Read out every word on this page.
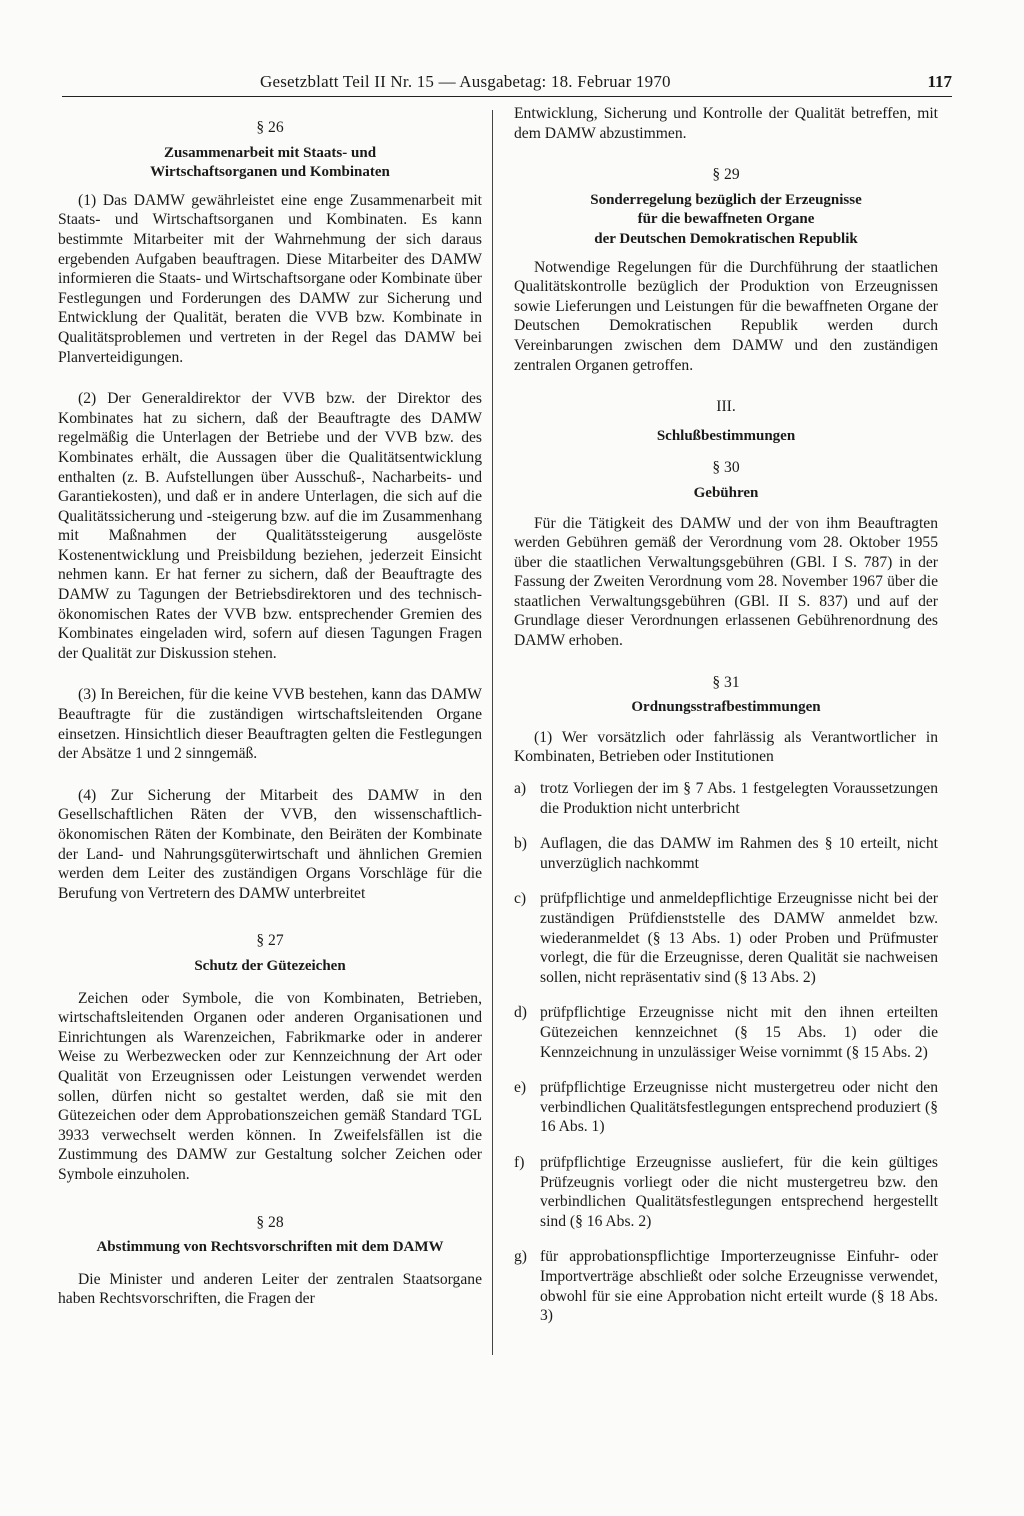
Gesetzblatt Teil II Nr. 15 — Ausgabetag: 18. Februar 1970	117
§ 26
Zusammenarbeit mit Staats- und
Wirtschaftsorganen und Kombinaten

(1) Das DAMW gewährleistet eine enge Zusammenarbeit mit Staats- und Wirtschaftsorganen und Kombinaten. Es kann bestimmte Mitarbeiter mit der Wahrnehmung der sich daraus ergebenden Aufgaben beauftragen. Diese Mitarbeiter des DAMW informieren die Staats- und Wirtschaftsorgane oder Kombinate über Festlegungen und Forderungen des DAMW zur Sicherung und Entwicklung der Qualität, beraten die VVB bzw. Kombinate in Qualitätsproblemen und vertreten in der Regel das DAMW bei Planverteidigungen.

(2) Der Generaldirektor der VVB bzw. der Direktor des Kombinates hat zu sichern, daß der Beauftragte des DAMW regelmäßig die Unterlagen der Betriebe und der VVB bzw. des Kombinates erhält, die Aussagen über die Qualitätsentwicklung enthalten (z. B. Aufstellungen über Ausschuß-, Nacharbeits- und Garantiekosten), und daß er in andere Unterlagen, die sich auf die Qualitätssicherung und -steigerung bzw. auf die im Zusammenhang mit Maßnahmen der Qualitätssteigerung ausgelöste Kostenentwicklung und Preisbildung beziehen, jederzeit Einsicht nehmen kann. Er hat ferner zu sichern, daß der Beauftragte des DAMW zu Tagungen der Betriebsdirektoren und des technisch-ökonomischen Rates der VVB bzw. entsprechender Gremien des Kombinates eingeladen wird, sofern auf diesen Tagungen Fragen der Qualität zur Diskussion stehen.

(3) In Bereichen, für die keine VVB bestehen, kann das DAMW Beauftragte für die zuständigen wirtschaftsleitenden Organe einsetzen. Hinsichtlich dieser Beauftragten gelten die Festlegungen der Absätze 1 und 2 sinngemäß.

(4) Zur Sicherung der Mitarbeit des DAMW in den Gesellschaftlichen Räten der VVB, den wissenschaftlich-ökonomischen Räten der Kombinate, den Beiräten der Kombinate der Land- und Nahrungsgüterwirtschaft und ähnlichen Gremien werden dem Leiter des zuständigen Organs Vorschläge für die Berufung von Vertretern des DAMW unterbreitet

§ 27
Schutz der Gütezeichen

Zeichen oder Symbole, die von Kombinaten, Betrieben, wirtschaftsleitenden Organen oder anderen Organisationen und Einrichtungen als Warenzeichen, Fabrikmarke oder in anderer Weise zu Werbezwecken oder zur Kennzeichnung der Art oder Qualität von Erzeugnissen oder Leistungen verwendet werden sollen, dürfen nicht so gestaltet werden, daß sie mit den Gütezeichen oder dem Approbationszeichen gemäß Standard TGL 3933 verwechselt werden können. In Zweifelsfällen ist die Zustimmung des DAMW zur Gestaltung solcher Zeichen oder Symbole einzuholen.

§ 28
Abstimmung von Rechtsvorschriften mit dem DAMW

Die Minister und anderen Leiter der zentralen Staatsorgane haben Rechtsvorschriften, die Fragen der

Entwicklung, Sicherung und Kontrolle der Qualität betreffen, mit dem DAMW abzustimmen.

§ 29
Sonderregelung bezüglich der Erzeugnisse
für die bewaffneten Organe
der Deutschen Demokratischen Republik

Notwendige Regelungen für die Durchführung der staatlichen Qualitätskontrolle bezüglich der Produktion von Erzeugnissen sowie Lieferungen und Leistungen für die bewaffneten Organe der Deutschen Demokratischen Republik werden durch Vereinbarungen zwischen dem DAMW und den zuständigen zentralen Organen getroffen.

III.
Schlußbestimmungen
§ 30
Gebühren

Für die Tätigkeit des DAMW und der von ihm Beauftragten werden Gebühren gemäß der Verordnung vom 28. Oktober 1955 über die staatlichen Verwaltungsgebühren (GBl. I S. 787) in der Fassung der Zweiten Verordnung vom 28. November 1967 über die staatlichen Verwaltungsgebühren (GBl. II S. 837) und auf der Grundlage dieser Verordnungen erlassenen Gebührenordnung des DAMW erhoben.

§ 31
Ordnungsstrafbestimmungen

(1) Wer vorsätzlich oder fahrlässig als Verantwortlicher in Kombinaten, Betrieben oder Institutionen

a) trotz Vorliegen der im § 7 Abs. 1 festgelegten Voraussetzungen die Produktion nicht unterbricht
b) Auflagen, die das DAMW im Rahmen des § 10 erteilt, nicht unverzüglich nachkommt
c) prüfpflichtige und anmeldepflichtige Erzeugnisse nicht bei der zuständigen Prüfdienststelle des DAMW anmeldet bzw. wiederanmeldet (§ 13 Abs. 1) oder Proben und Prüfmuster vorlegt, die für die Erzeugnisse, deren Qualität sie nachweisen sollen, nicht repräsentativ sind (§ 13 Abs. 2)
d) prüfpflichtige Erzeugnisse nicht mit den ihnen erteilten Gütezeichen kennzeichnet (§ 15 Abs. 1) oder die Kennzeichnung in unzulässiger Weise vornimmt (§ 15 Abs. 2)
e) prüfpflichtige Erzeugnisse nicht mustergetreu oder nicht den verbindlichen Qualitätsfestlegungen entsprechend produziert (§ 16 Abs. 1)
f)	prüfpflichtige Erzeugnisse ausliefert, für die kein gültiges Prüfzeugnis vorliegt oder die nicht mustergetreu bzw. den verbindlichen Qualitätsfestlegungen entsprechend hergestellt sind (§ 16 Abs. 2)
g) für approbationspflichtige Importerzeugnisse Einfuhr- oder Importverträge abschließt oder solche Erzeugnisse verwendet, obwohl für sie eine Approbation nicht erteilt wurde (§ 18 Abs. 3)
